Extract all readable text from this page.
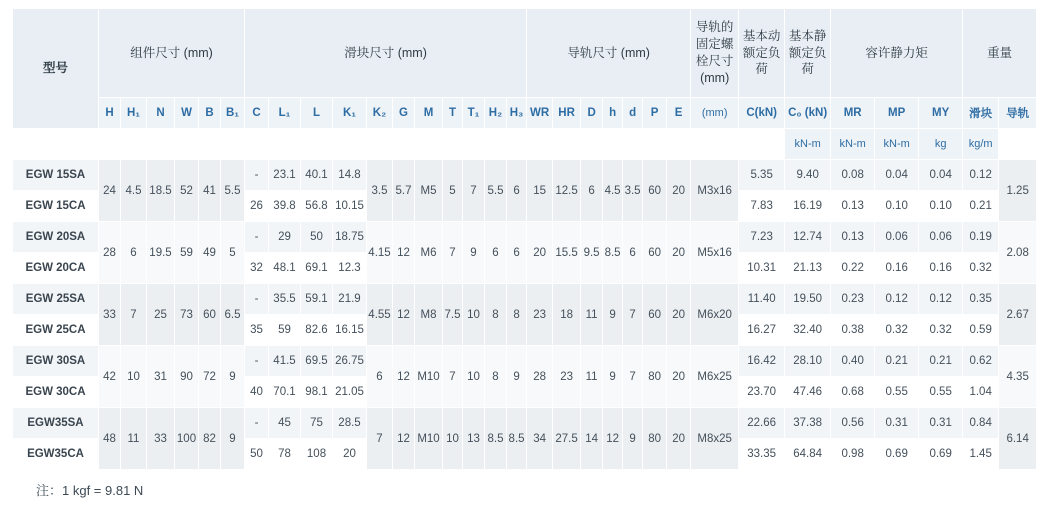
型号	组件尺寸 (mm)						滑块尺寸 (mm)											导轨尺寸 (mm)							导轨的固定螺栓尺寸 (mm)	基本动额定负荷	基本静额定负荷	容许静力矩			重量	
	H	H₁	N	W	B	B₁	C	L₁	L	K₁	K₂	G	M	T	T₁	H₂	H₃	WR	HR	D	h	d	P	E	(mm)	C(kN)	C₀ (kN)	MR	MP	MY	滑块	导轨
																											kN-m	kN-m	kN-m	kg	kg/m	
EGW 15SA	24	4.5	18.5	52	41	5.5	-	23.1	40.1	14.8	3.5	5.7	M5	5	7	5.5	6	15	12.5	6	4.5	3.5	60	20	M3x16	5.35	9.40	0.08	0.04	0.04	0.12	1.25
EGW 15CA							26	39.8	56.8	10.15																7.83	16.19	0.13	0.10	0.10	0.21	
EGW 20SA	28	6	19.5	59	49	5	-	29	50	18.75	4.15	12	M6	7	9	6	6	20	15.5	9.5	8.5	6	60	20	M5x16	7.23	12.74	0.13	0.06	0.06	0.19	2.08
EGW 20CA							32	48.1	69.1	12.3																10.31	21.13	0.22	0.16	0.16	0.32	
EGW 25SA	33	7	25	73	60	6.5	-	35.5	59.1	21.9	4.55	12	M8	7.5	10	8	8	23	18	11	9	7	60	20	M6x20	11.40	19.50	0.23	0.12	0.12	0.35	2.67
EGW 25CA							35	59	82.6	16.15																16.27	32.40	0.38	0.32	0.32	0.59	
EGW 30SA	42	10	31	90	72	9	-	41.5	69.5	26.75	6	12	M10	7	10	8	9	28	23	11	9	7	80	20	M6x25	16.42	28.10	0.40	0.21	0.21	0.62	4.35
EGW 30CA							40	70.1	98.1	21.05																23.70	47.46	0.68	0.55	0.55	1.04	
EGW35SA	48	11	33	100	82	9	-	45	75	28.5	7	12	M10	10	13	8.5	8.5	34	27.5	14	12	9	80	20	M8x25	22.66	37.38	0.56	0.31	0.31	0.84	6.14
EGW35CA							50	78	108	20																33.35	64.84	0.98	0.69	0.69	1.45	
注：1 kgf = 9.81 N
